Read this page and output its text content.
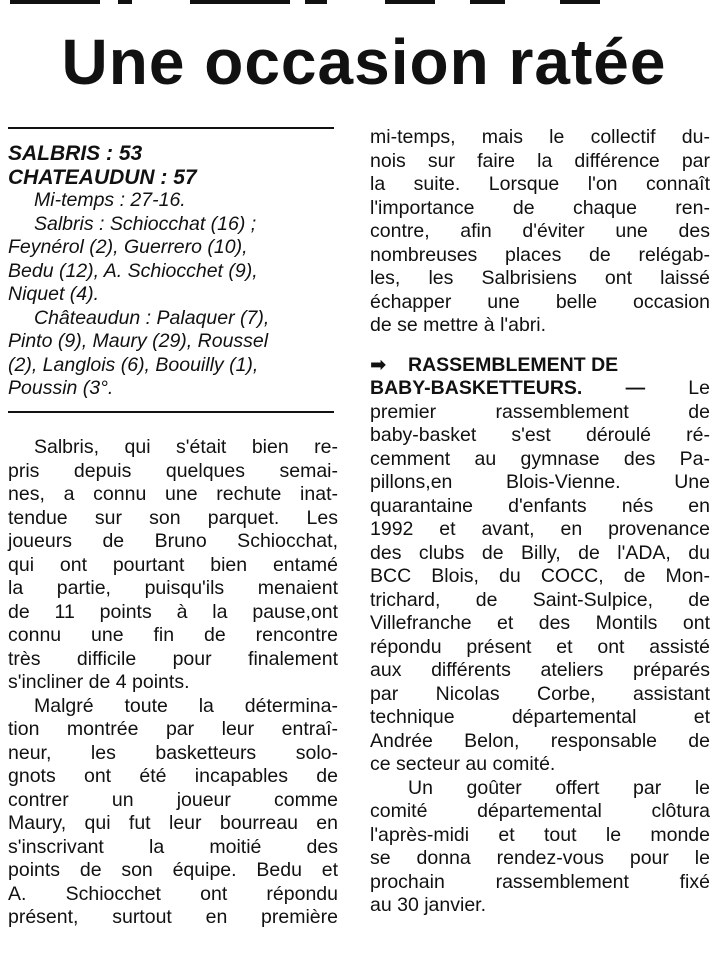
Une occasion ratée
SALBRIS : 53
CHATEAUDUN : 57
Mi-temps : 27-16.
Salbris : Schiocchat (16) ;
Feynérol (2), Guerrero (10),
Bedu (12), A. Schiocchet (9),
Niquet (4).
Châteaudun : Palaquer (7),
Pinto (9), Maury (29), Roussel
(2), Langlois (6), Boouilly (1),
Poussin (3°.
Salbris, qui s'était bien re-
pris depuis quelques semai-
nes, a connu une rechute inat-
tendue sur son parquet. Les
joueurs de Bruno Schiocchat,
qui ont pourtant bien entamé
la partie, puisqu'ils menaient
de 11 points à la pause,ont
connu une fin de rencontre
très difficile pour finalement
s'incliner de 4 points.
Malgré toute la détermina-
tion montrée par leur entraî-
neur, les basketteurs solo-
gnots ont été incapables de
contrer un joueur comme
Maury, qui fut leur bourreau en
s'inscrivant la moitié des
points de son équipe. Bedu et
A. Schiocchet ont répondu
présent, surtout en première
mi-temps, mais le collectif du-
nois sur faire la différence par
la suite. Lorsque l'on connaît
l'importance de chaque ren-
contre, afin d'éviter une des
nombreuses places de relégab-
les, les Salbrisiens ont laissé
échapper une belle occasion
de se mettre à l'abri.
➡ RASSEMBLEMENT DE
BABY-BASKETTEURS. — Le
premier rassemblement de
baby-basket s'est déroulé ré-
cemment au gymnase des Pa-
pillons,en Blois-Vienne. Une
quarantaine d'enfants nés en
1992 et avant, en provenance
des clubs de Billy, de l'ADA, du
BCC Blois, du COCC, de Mon-
trichard, de Saint-Sulpice, de
Villefranche et des Montils ont
répondu présent et ont assisté
aux différents ateliers préparés
par Nicolas Corbe, assistant
technique départemental et
Andrée Belon, responsable de
ce secteur au comité.
Un goûter offert par le
comité départemental clôtura
l'après-midi et tout le monde
se donna rendez-vous pour le
prochain rassemblement fixé
au 30 janvier.
